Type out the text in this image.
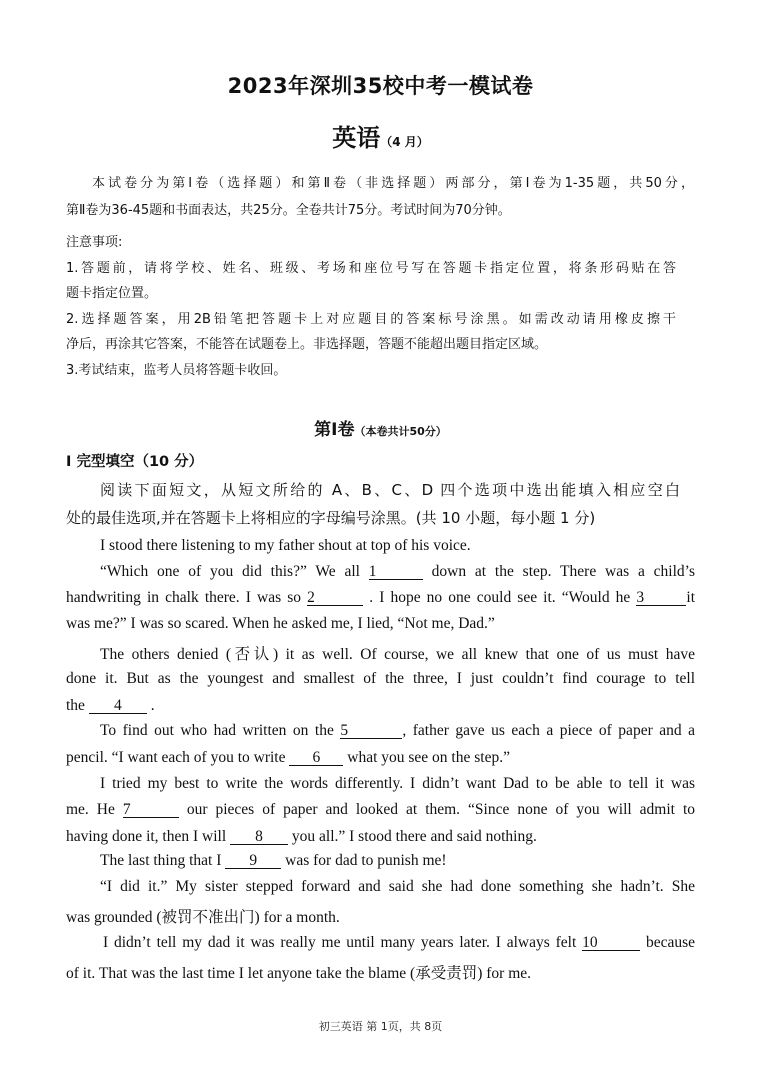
2023年深圳35校中考一模试卷
英语（4 月）
本试卷分为第Ⅰ卷（选择题）和第Ⅱ卷（非选择题）两部分，第Ⅰ卷为1-35题，共50分，
第Ⅱ卷为36-45题和书面表达，共25分。全卷共计75分。考试时间为70分钟。
注意事项:
1.答题前，请将学校、姓名、班级、考场和座位号写在答题卡指定位置，将条形码贴在答
题卡指定位置。
2.选择题答案，用2B铅笔把答题卡上对应题目的答案标号涂黑。如需改动请用橡皮擦干
净后，再涂其它答案，不能答在试题卷上。非选择题，答题不能超出题目指定区域。
3.考试结束，监考人员将答题卡收回。
第Ⅰ卷（本卷共计50分）
I 完型填空（10 分）
阅读下面短文，从短文所给的 A、B、C、D 四个选项中选出能填入相应空白
处的最佳选项,并在答题卡上将相应的字母编号涂黑。(共 10 小题，每小题 1 分)
I stood there listening to my father shout at top of his voice.
“Which one of you did this?” We all 1	down at the step. There was a child’s
handwriting in chalk there. I was so 2	. I hope no one could see it. “Would he 3	it
was me?” I was so scared. When he asked me, I lied, “Not me, Dad.”
The others denied (否认) it as well. Of course, we all knew that one of us must have
done it. But as the youngest and smallest of the three, I just couldn’t find courage to tell
the 4 .
To find out who had written on the 5	, father gave us each a piece of paper and a
pencil. “I want each of you to write 6 what you see on the step.”
I tried my best to write the words differently. I didn’t want Dad to be able to tell it was
me. He 7	our pieces of paper and looked at them. “Since none of you will admit to
having done it, then I will 8 you all.” I stood there and said nothing.
The last thing that I 9 was for dad to punish me!
“I did it.” My sister stepped forward and said she had done something she hadn’t. She
was grounded (被罚不准出门) for a month.
I didn’t tell my dad it was really me until many years later. I always felt 10	because
of it. That was the last time I let anyone take the blame (承受责罚) for me.
初三英语 第 1页，共 8页
